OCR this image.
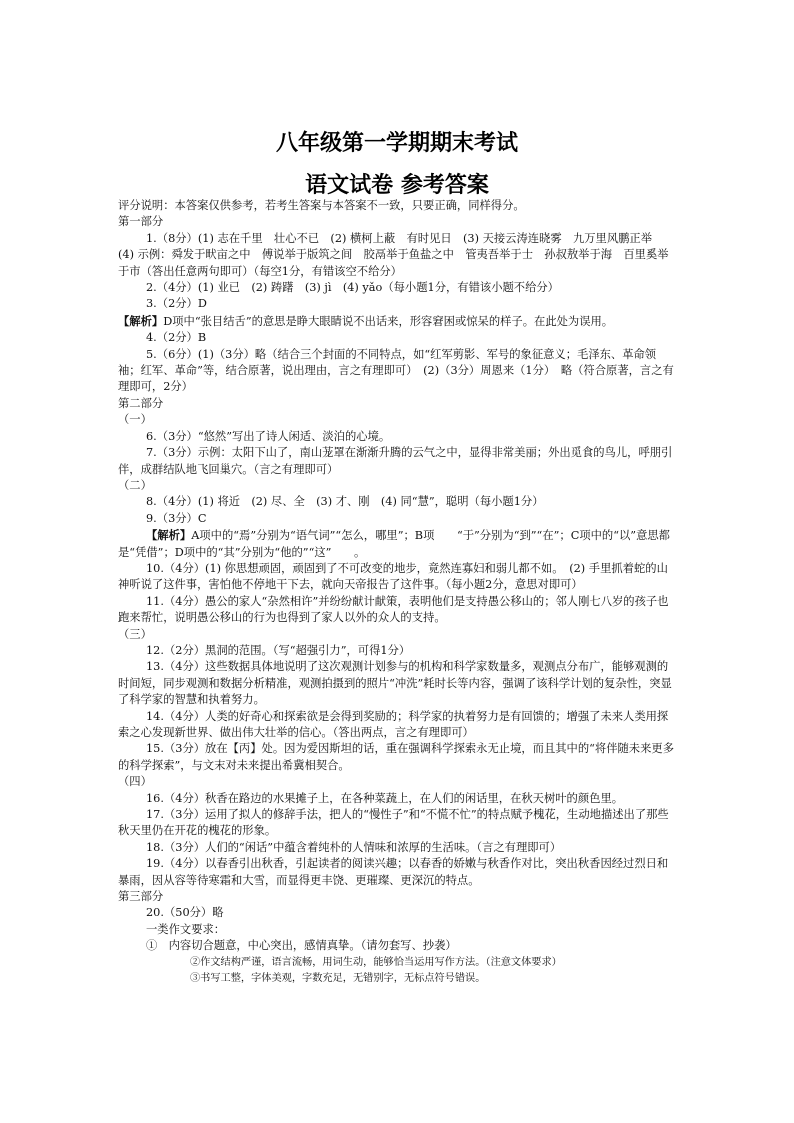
八年级第一学期期末考试
语文试卷 参考答案

评分说明：本答案仅供参考，若考生答案与本答案不一致，只要正确，同样得分。

第一部分

1.（8分）(1) 志在千里　壮心不已　(2) 横柯上蔽　有时见日　(3) 天接云涛连晓雾　九万里风鹏正举　(4) 示例：舜发于畎亩之中　傅说举于版筑之间　胶鬲举于鱼盐之中　管夷吾举于士　孙叔敖举于海　百里奚举于市（答出任意两句即可）（每空1分，有错该空不给分）

2.（4分）(1) 业已　(2) 踌躇　(3) jì　(4) yǎo（每小题1分，有错该小题不给分）

3.（2分）D

【解析】D项中“张目结舌”的意思是睁大眼睛说不出话来，形容窘困或惊呆的样子。在此处为误用。

4.（2分）B

5.（6分）(1)（3分）略（结合三个封面的不同特点，如“红军剪影、军号的象征意义；毛泽东、革命领袖；红军、革命”等，结合原著，说出理由，言之有理即可）　(2)（3分）周恩来（1分）　略（符合原著，言之有理即可，2分）

第二部分

（一）

6.（3分）“悠然”写出了诗人闲适、淡泊的心境。

7.（3分）示例：太阳下山了，南山茏罩在渐渐升腾的云气之中，显得非常美丽；外出觅食的鸟儿，呼朋引伴，成群结队地飞回巢穴。（言之有理即可）

（二）

8.（4分）(1) 将近　(2) 尽、全　(3) 才、刚　(4) 同“慧”，聪明（每小题1分）

9.（3分）C

【解析】A项中的“焉”分别为“语气词”“怎么，哪里”；B项　　“于”分别为“到”“在”；C项中的“以”意思都是“凭借”；D项中的“其”分别为“他的”“这”　　。

10.（4分）(1) 你思想顽固，顽固到了不可改变的地步，竟然连寡妇和弱儿都不如。　(2) 手里抓着蛇的山神听说了这件事，害怕他不停地干下去，就向天帝报告了这件事。（每小题2分，意思对即可）

11.（4分）愚公的家人“杂然相许”并纷纷献计献策，表明他们是支持愚公移山的；邻人刚七八岁的孩子也跑来帮忙，说明愚公移山的行为也得到了家人以外的众人的支持。

（三）

12.（2分）黑洞的范围。（写“超强引力”，可得1分）

13.（4分）这些数据具体地说明了这次观测计划参与的机构和科学家数量多，观测点分布广，能够观测的时间短，同步观测和数据分析精准，观测拍摄到的照片“冲洗”耗时长等内容，强调了该科学计划的复杂性，突显了科学家的智慧和执着努力。

14.（4分）人类的好奇心和探索欲是会得到奖励的；科学家的执着努力是有回馈的；增强了未来人类用探索之心发现新世界、做出伟大壮举的信心。（答出两点，言之有理即可）

15.（3分）放在【丙】处。因为爱因斯坦的话，重在强调科学探索永无止境，而且其中的“将伴随未来更多的科学探索”，与文末对未来提出希冀相契合。

（四）

16.（4分）秋香在路边的水果摊子上，在各种菜蔬上，在人们的闲话里，在秋天树叶的颜色里。

17.（3分）运用了拟人的修辞手法，把人的“慢性子”和“不慌不忙”的特点赋予槐花，生动地描述出了那些秋天里仍在开花的槐花的形象。

18.（3分）人们的“闲话”中蕴含着纯朴的人情味和浓厚的生活味。（言之有理即可）

19.（4分）以春香引出秋香，引起读者的阅读兴趣；以春香的娇嫩与秋香作对比，突出秋香因经过烈日和暴雨，因从容等待寒霜和大雪，而显得更丰饶、更璀璨、更深沉的特点。

第三部分

20.（50分）略

一类作文要求：

①　内容切合题意，中心突出，感情真挚。（请勿套写、抄袭）

②作文结构严谨，语言流畅，用词生动，能够恰当运用写作方法。（注意文体要求）

③书写工整，字体美观，字数充足，无错别字，无标点符号错误。
